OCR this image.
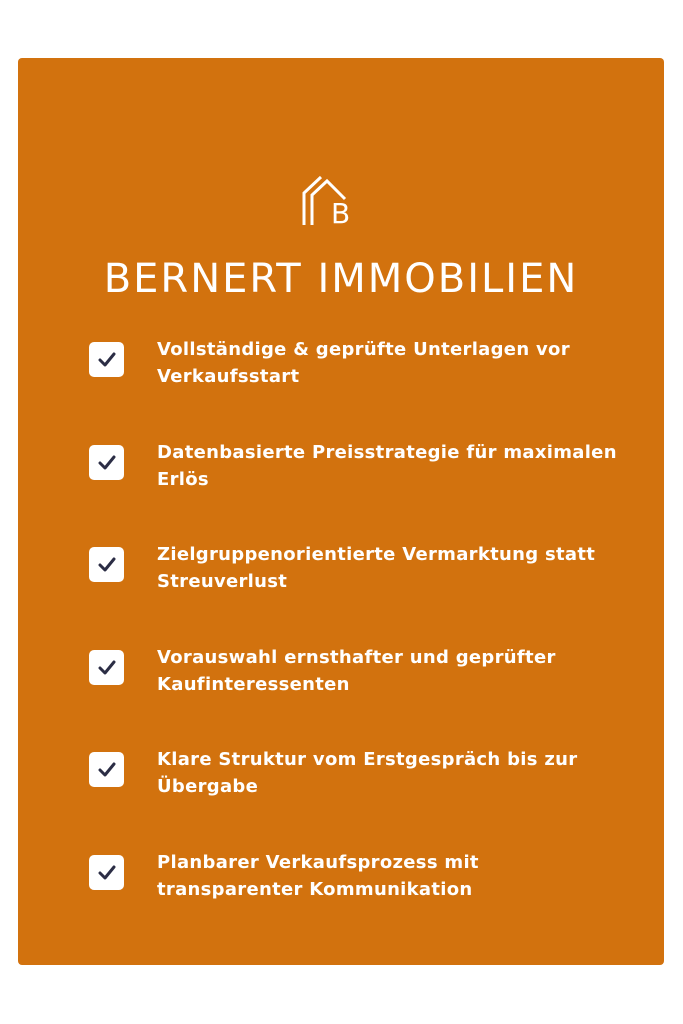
B
BERNERT IMMOBILIEN
Vollständige & geprüfte Unterlagen vor Verkaufsstart
Datenbasierte Preisstrategie für maximalen Erlös
Zielgruppenorientierte Vermarktung statt Streuverlust
Vorauswahl ernsthafter und geprüfter Kaufinteressenten
Klare Struktur vom Erstgespräch bis zur Übergabe
Planbarer Verkaufsprozess mit transparenter Kommunikation
